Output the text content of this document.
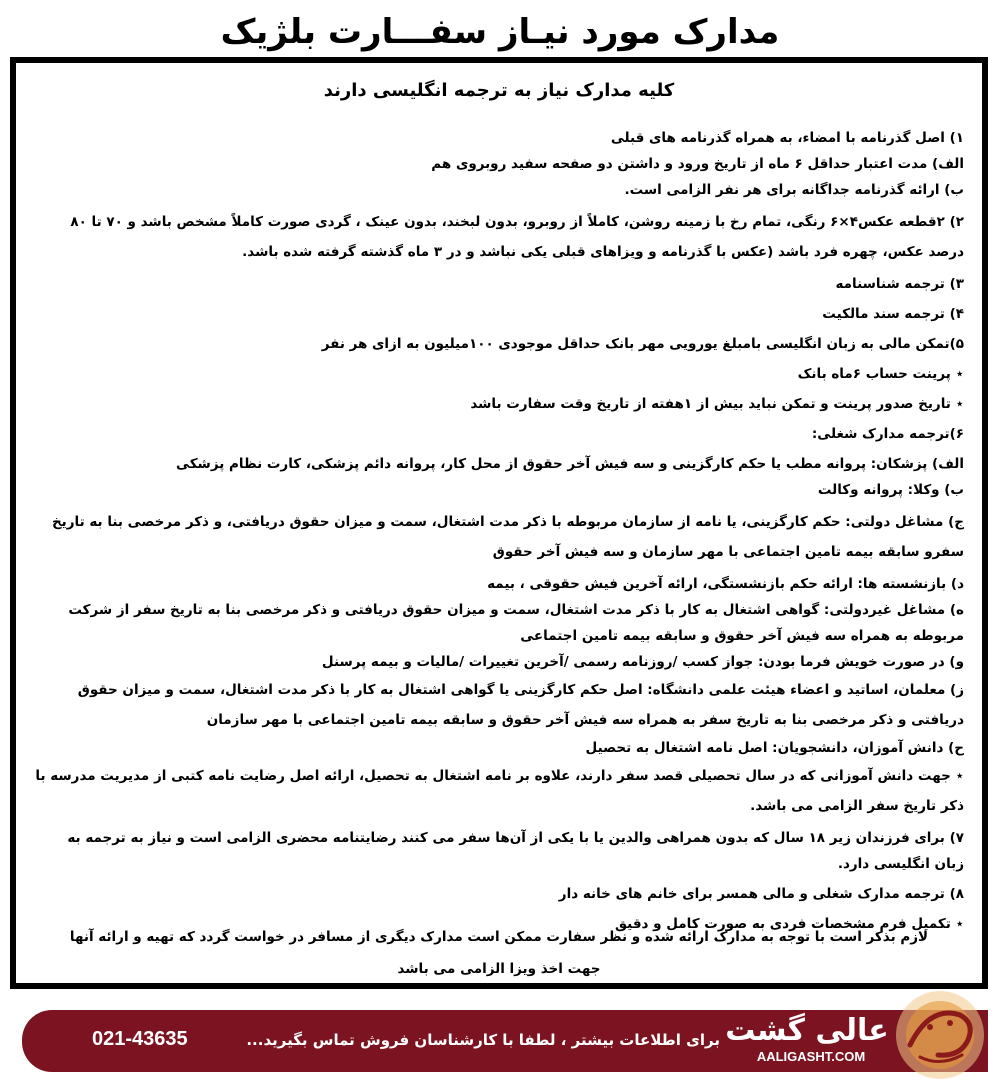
مدارک مورد نیـاز سفـــارت بلژیک
کلیه مدارک نیاز به ترجمه انگلیسی دارند

۱) اصل گذرنامه با امضاء، به همراه گذرنامه های قبلی

الف) مدت اعتبار حداقل ۶ ماه از تاریخ ورود و داشتن دو صفحه سفید روبروی هم

ب) ارائه گذرنامه جداگانه برای هر نفر الزامی است.

۲) ۲قطعه عکس۴×۶ رنگی، تمام رخ با زمینه روشن، کاملاً از روبرو، بدون لبخند، بدون عینک ، گردی صورت کاملاً مشخص باشد و ۷۰ تا ۸۰ درصد عکس، چهره فرد باشد (عکس با گذرنامه و ویزاهای قبلی یکی نباشد و در ۳ ماه گذشته گرفته شده باشد.

۳) ترجمه شناسنامه

۴) ترجمه سند مالکیت

۵)تمکن مالی به زبان انگلیسی بامبلغ یورویی مهر بانک حداقل موجودی ۱۰۰میلیون به ازای هر نفر

⋆ پرینت حساب ۶ماه بانک

⋆ تاریخ صدور پرینت و تمکن نباید بیش از ۱هفته از تاریخ وقت سفارت باشد

۶)ترجمه مدارک شغلی:

الف) پزشکان: پروانه مطب یا حکم کارگزینی و سه فیش آخر حقوق از محل کار، پروانه دائم پزشکی، کارت نظام پزشکی

ب) وکلا: پروانه وکالت

ج) مشاغل دولتی: حکم کارگزینی، یا نامه از سازمان مربوطه با ذکر مدت اشتغال، سمت و میزان حقوق دریافتی، و ذکر مرخصی بنا به تاریخ سفرو سابقه بیمه تامین اجتماعی با مهر سازمان و سه فیش آخر حقوق

د) بازنشسته ها: ارائه حکم بازنشستگی، ارائه آخرین فیش حقوقی ، بیمه

ه) مشاغل غیردولتی: گواهی اشتغال به کار با ذکر مدت اشتغال، سمت و میزان حقوق دریافتی و ذکر مرخصی بنا به تاریخ سفر از شرکت مربوطه به همراه سه فیش آخر حقوق و سابقه بیمه تامین اجتماعی

و) در صورت خویش فرما بودن: جواز کسب /روزنامه رسمی /آخرین تغییرات /مالیات و بیمه پرسنل

ز) معلمان، اساتید و اعضاء هیئت علمی دانشگاه: اصل حکم کارگزینی یا گواهی اشتغال به کار با ذکر مدت اشتغال، سمت و میزان حقوق دریافتی و ذکر مرخصی بنا به تاریخ سفر به همراه سه فیش آخر حقوق و سابقه بیمه تامین اجتماعی با مهر سازمان

ح) دانش آموزان، دانشجویان: اصل نامه اشتغال به تحصیل

⋆ جهت دانش آموزانی که در سال تحصیلی قصد سفر دارند، علاوه بر نامه اشتغال به تحصیل، ارائه اصل رضایت نامه کتبی از مدیریت مدرسه با ذکر تاریخ سفر الزامی می باشد.

۷) برای فرزندان زیر ۱۸ سال که بدون همراهی والدین یا با یکی از آن‌ها سفر می کنند رضایتنامه محضری الزامی است و نیاز به ترجمه به زبان انگلیسی دارد.

۸) ترجمه مدارک شغلی و مالی همسر برای خانم های خانه دار

⋆ تکمیل فرم مشخصات فردی به صورت کامل و دقیق

لازم بذکر است با توجه به مدارک ارائه شده و نظر سفارت ممکن است مدارک دیگری از مسافر در خواست گردد که تهیه و ارائه آنها
جهت اخذ ویزا الزامی می باشد
021-43635	برای اطلاعات بیشتر ، لطفا با کارشناسان فروش تماس بگیرید... عالی گشت
AALIGASHT.COM
